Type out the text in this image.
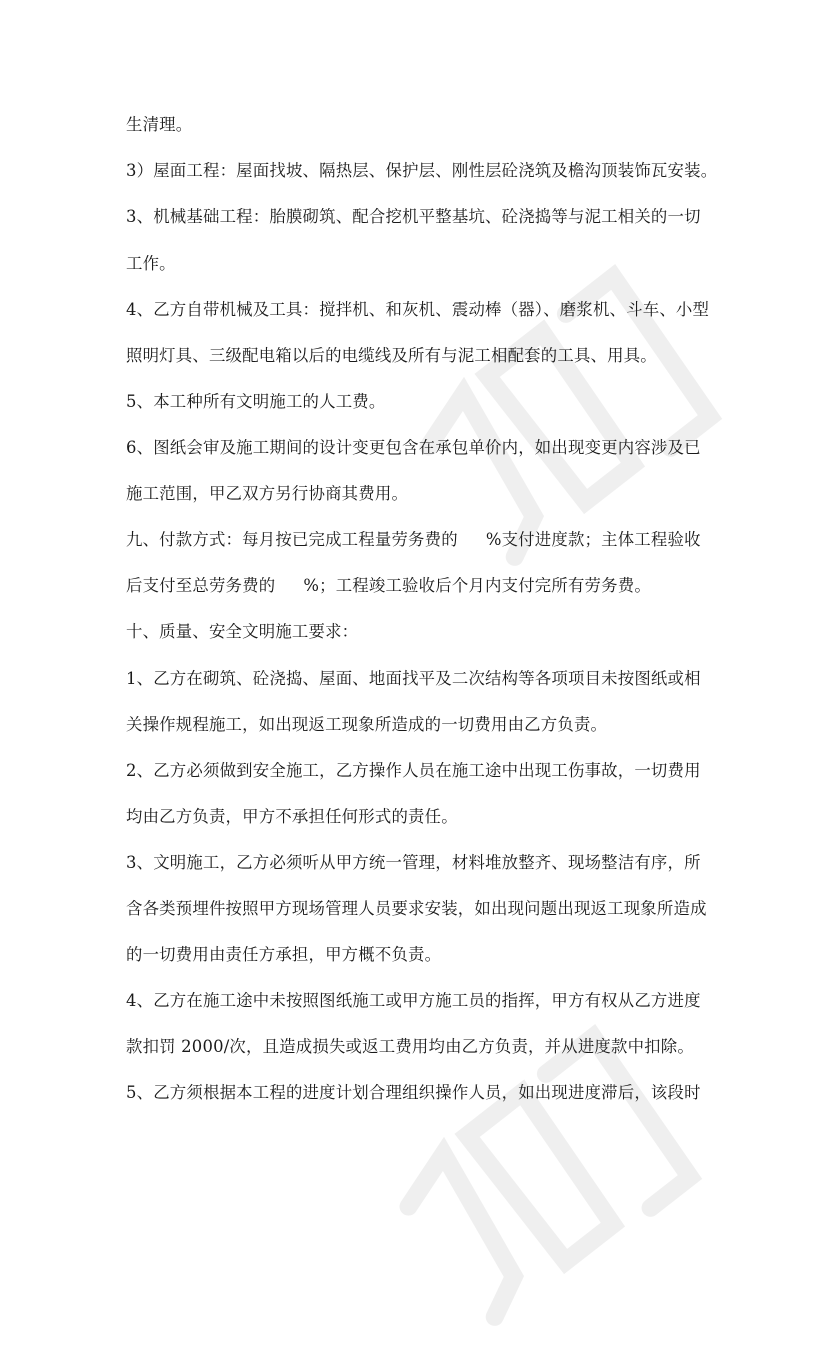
生清理。
3）屋面工程：屋面找坡、隔热层、保护层、刚性层砼浇筑及檐沟顶装饰瓦安装。
3、机械基础工程：胎膜砌筑、配合挖机平整基坑、砼浇捣等与泥工相关的一切
工作。
4、乙方自带机械及工具：搅拌机、和灰机、震动棒（器）、磨浆机、斗车、小型
照明灯具、三级配电箱以后的电缆线及所有与泥工相配套的工具、用具。
5、本工种所有文明施工的人工费。
6、图纸会审及施工期间的设计变更包含在承包单价内，如出现变更内容涉及已
施工范围，甲乙双方另行协商其费用。
九、付款方式：每月按已完成工程量劳务费的 %支付进度款；主体工程验收
后支付至总劳务费的 %；工程竣工验收后个月内支付完所有劳务费。
十、质量、安全文明施工要求：
1、乙方在砌筑、砼浇捣、屋面、地面找平及二次结构等各项项目未按图纸或相
关操作规程施工，如出现返工现象所造成的一切费用由乙方负责。
2、乙方必须做到安全施工，乙方操作人员在施工途中出现工伤事故，一切费用
均由乙方负责，甲方不承担任何形式的责任。
3、文明施工，乙方必须听从甲方统一管理，材料堆放整齐、现场整洁有序，所
含各类预埋件按照甲方现场管理人员要求安装，如出现问题出现返工现象所造成
的一切费用由责任方承担，甲方概不负责。
4、乙方在施工途中未按照图纸施工或甲方施工员的指挥，甲方有权从乙方进度
款扣罚 2000/次，且造成损失或返工费用均由乙方负责，并从进度款中扣除。
5、乙方须根据本工程的进度计划合理组织操作人员，如出现进度滞后，该段时
